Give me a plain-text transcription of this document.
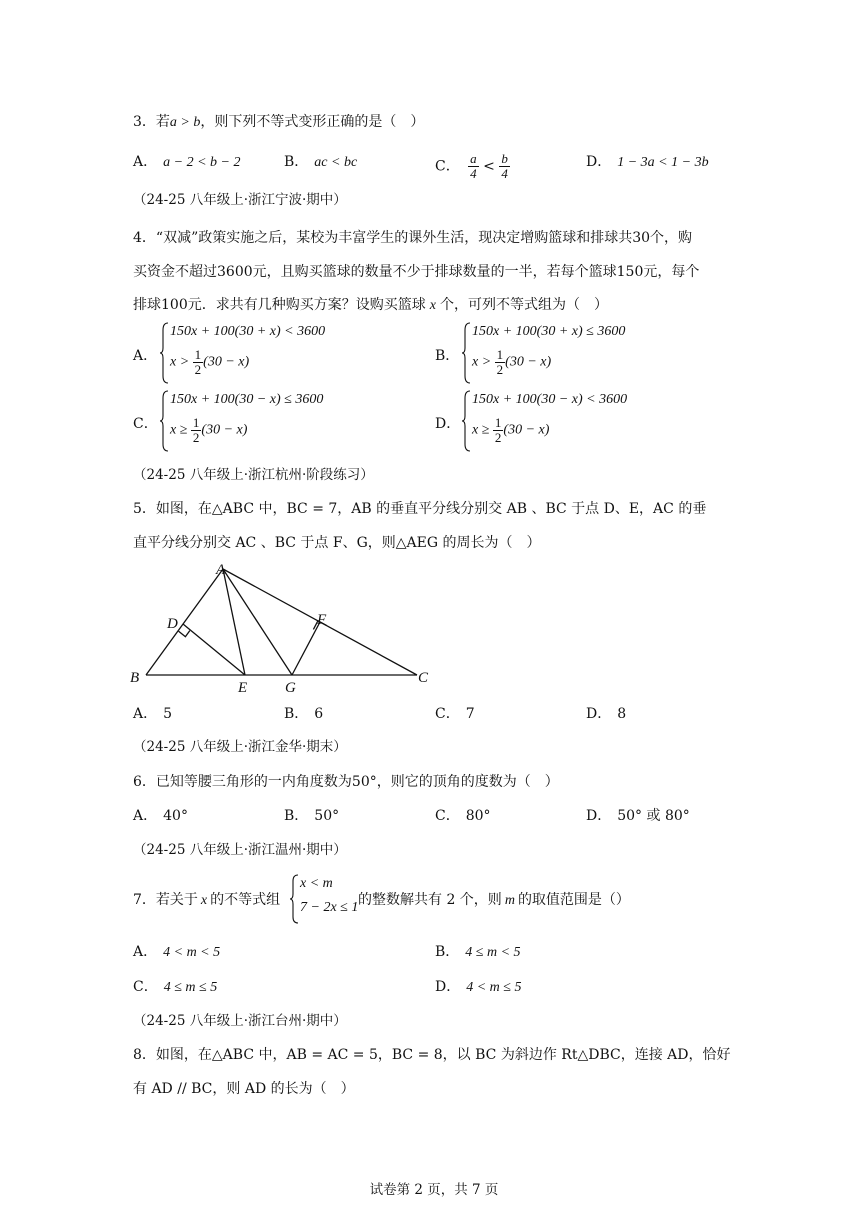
3．若a > b，则下列不等式变形正确的是（　）
A． a − 2 < b − 2	B． ac < bc	C． $\frac{a}{4} < \frac{b}{4}$	D． 1 − 3a < 1 − 3b
（24-25 八年级上·浙江宁波·期中）
4．“双减”政策实施之后，某校为丰富学生的课外生活，现决定增购篮球和排球共30个，购
买资金不超过3600元，且购买篮球的数量不少于排球数量的一半，若每个篮球150元，每个
排球100元．求共有几种购买方案？设购买篮球 x 个，可列不等式组为（　）
A．
150x + 100(30 + x) < 3600
$x > \frac{1}{2} (30 - x)$	B．
150x + 100(30 + x) ≤ 3600
$x > \frac{1}{2} (30 - x)$
C．
150x + 100(30 − x) ≤ 3600
$x \ge \frac{1}{2} (30 - x)$	D．
150x + 100(30 − x) < 3600
$x \ge \frac{1}{2} (30 - x)$
（24-25 八年级上·浙江杭州·阶段练习）
5．如图，在△ABC 中，BC = 7，AB 的垂直平分线分别交 AB 、BC 于点 D、E，AC 的垂
直平分线分别交 AC 、BC 于点 F、G，则△AEG 的周长为（　）
A
B	C
D
E
F
G
A． 5	B． 6	C． 7	D． 8
（24-25 八年级上·浙江金华·期末）
6．已知等腰三角形的一内角度数为50°，则它的顶角的度数为（　）
A． 40°	B． 50°	C． 80°	D． 50° 或 80°
（24-25 八年级上·浙江温州·期中）
7．若关于 x 的不等式组
x < m
7 − 2x ≤ 1 的整数解共有 2 个，则 m 的取值范围是（）
A． 4 < m < 5	B． 4 ≤ m < 5
C． 4 ≤ m ≤ 5	D． 4 < m ≤ 5
（24-25 八年级上·浙江台州·期中）
8．如图，在△ABC 中，AB = AC = 5，BC = 8，以 BC 为斜边作 Rt△DBC，连接 AD，恰好
有 AD // BC，则 AD 的长为（　）
试卷第 2 页，共 7 页
